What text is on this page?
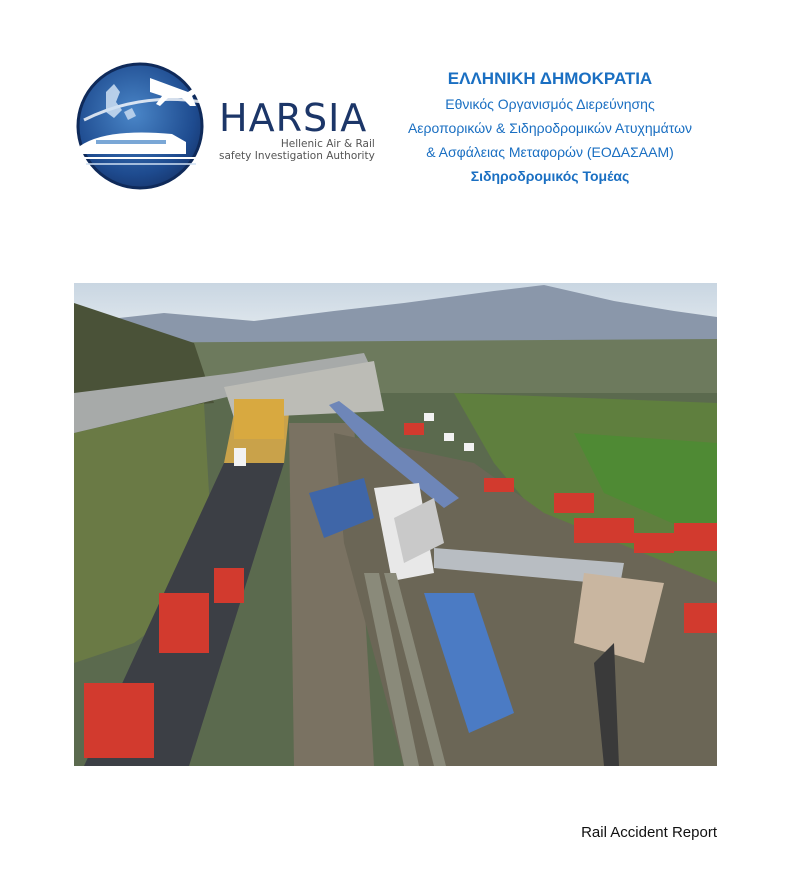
HARSIA
Hellenic Air & Rail
safety Investigation Authority
ΕΛΛΗΝΙΚΗ ΔΗΜΟΚΡΑΤΙΑ
Εθνικός Οργανισμός Διερεύνησης
Αεροπορικών & Σιδηροδρομικών Ατυχημάτων
& Ασφάλειας Μεταφορών (ΕΟΔΑΣΑΑΜ)
Σιδηροδρομικός Τομέας
Rail Accident Report
